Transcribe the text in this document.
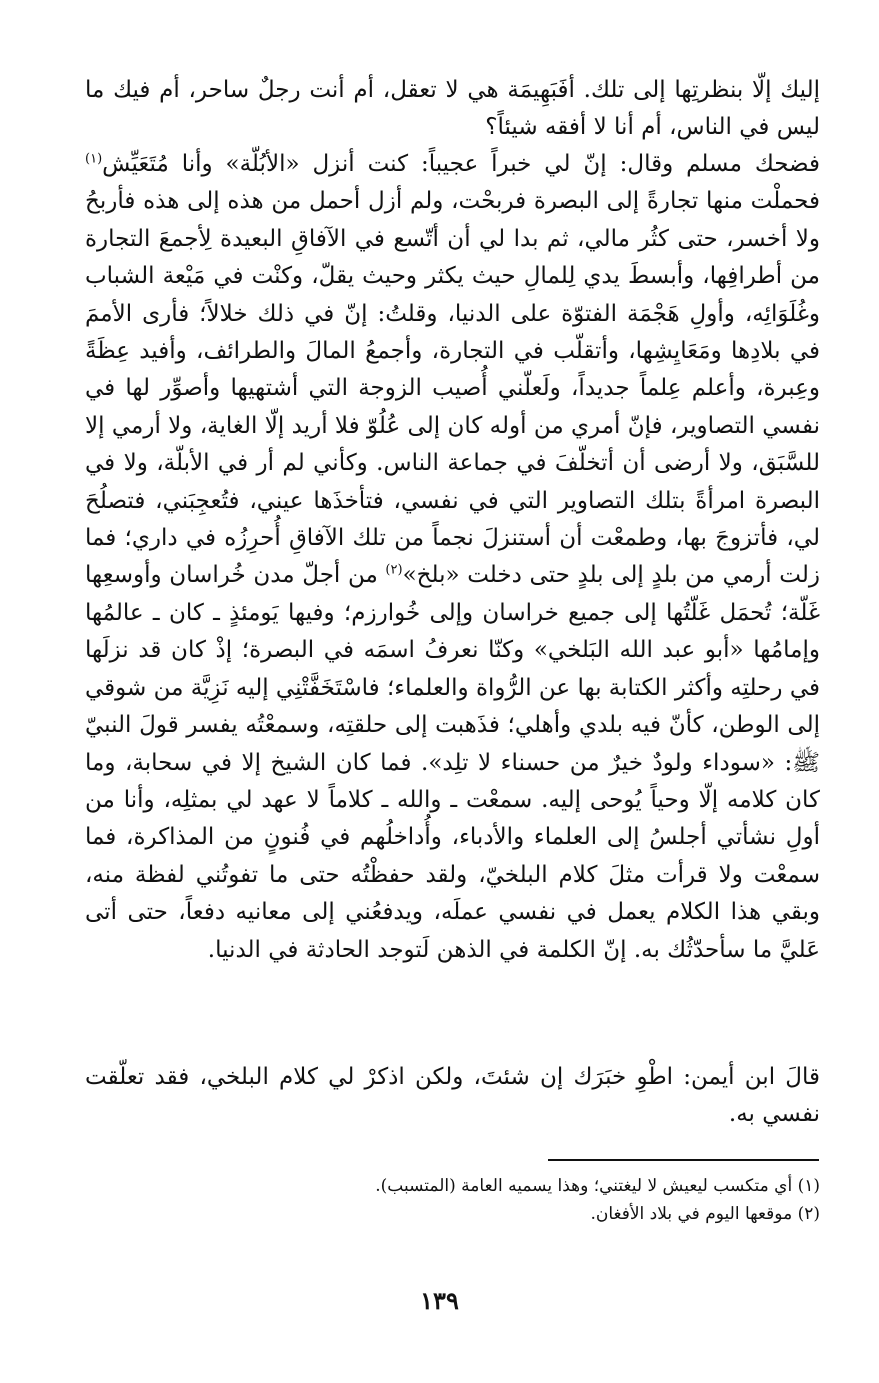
إليك إلّا بنظرتِها إلى تلك. أفَبَهِيمَة هي لا تعقل، أم أنت رجلٌ ساحر، أم فيك ما ليس في الناس، أم أنا لا أفقه شيئاً؟

فضحك مسلم وقال: إنّ لي خبراً عجيباً: كنت أنزل «الأبُلّة» وأنا مُتَعَيِّش$^{(١)}$ فحملْت منها تجارةً إلى البصرة فربحْت، ولم أزل أحمل من هذه إلى هذه فأربحُ ولا أخسر، حتى كثُر مالي، ثم بدا لي أن أتّسع في الآفاقِ البعيدة لِأجمعَ التجارة من أطرافِها، وأبسطَ يدي لِلمالِ حيث يكثر وحيث يقلّ، وكنْت في مَيْعة الشباب وغُلَوَائِه، وأولِ هَجْمَة الفتوّة على الدنيا، وقلتُ: إنّ في ذلك خلالاً؛ فأرى الأممَ في بلادِها ومَعَايِشِها، وأتقلّب في التجارة، وأجمعُ المالَ والطرائف، وأفيد عِظَةً وعِبرة، وأعلم عِلماً جديداً، ولَعلّني أُصيب الزوجة التي أشتهيها وأصوِّر لها في نفسي التصاوير، فإنّ أمري من أوله كان إلى عُلُوّ فلا أريد إلّا الغاية، ولا أرمي إلا للسَّبَق، ولا أرضى أن أتخلّفَ في جماعة الناس. وكأني لم أر في الأبلّة، ولا في البصرة امرأةً بتلك التصاوير التي في نفسي، فتأخذَها عيني، فتُعجِبَني، فتصلُحَ لي، فأتزوجَ بها، وطمعْت أن أستنزلَ نجماً من تلك الآفاقِ أُحرِزُه في داري؛ فما زلت أرمي من بلدٍ إلى بلدٍ حتى دخلت «بلخ»$^{(٢)}$ من أجلّ مدن خُراسان وأوسعِها غَلّة؛ تُحمَل غَلّتُها إلى جميع خراسان وإلى خُوارزم؛ وفيها يَومئذٍ ـ كان ـ عالمُها وإمامُها «أبو عبد الله البَلخي» وكنّا نعرفُ اسمَه في البصرة؛ إذْ كان قد نزلَها في رحلتِه وأكثر الكتابة بها عن الرُّواة والعلماء؛ فاسْتَخَفَّتْنِي إليه نَزِيَّة من شوقي إلى الوطن، كأنّ فيه بلدي وأهلي؛ فذَهبت إلى حلقتِه، وسمعْتُه يفسر قولَ النبيّ ﷺ: «سوداء ولودٌ خيرٌ من حسناء لا تلِد». فما كان الشيخ إلا في سحابة، وما كان كلامه إلّا وحياً يُوحى إليه. سمعْت ـ والله ـ كلاماً لا عهد لي بمثلِه، وأنا من أولِ نشأتي أجلسُ إلى العلماء والأدباء، وأُداخلُهم في فُنونٍ من المذاكرة، فما سمعْت ولا قرأت مثلَ كلام البلخيّ، ولقد حفظْتُه حتى ما تفوتُني لفظة منه، وبقي هذا الكلام يعمل في نفسي عملَه، ويدفعُني إلى معانيه دفعاً، حتى أتى عَليَّ ما سأحدّثُك به. إنّ الكلمة في الذهن لَتوجد الحادثة في الدنيا.

قالَ ابن أيمن: اطْوِ خبَرَك إن شئتَ، ولكن اذكرْ لي كلام البلخي، فقد تعلّقت نفسي به.

(١) أي متكسب ليعيش لا ليغتني؛ وهذا يسميه العامة (المتسبب).

(٢) موقعها اليوم في بلاد الأفغان.

١٣٩
